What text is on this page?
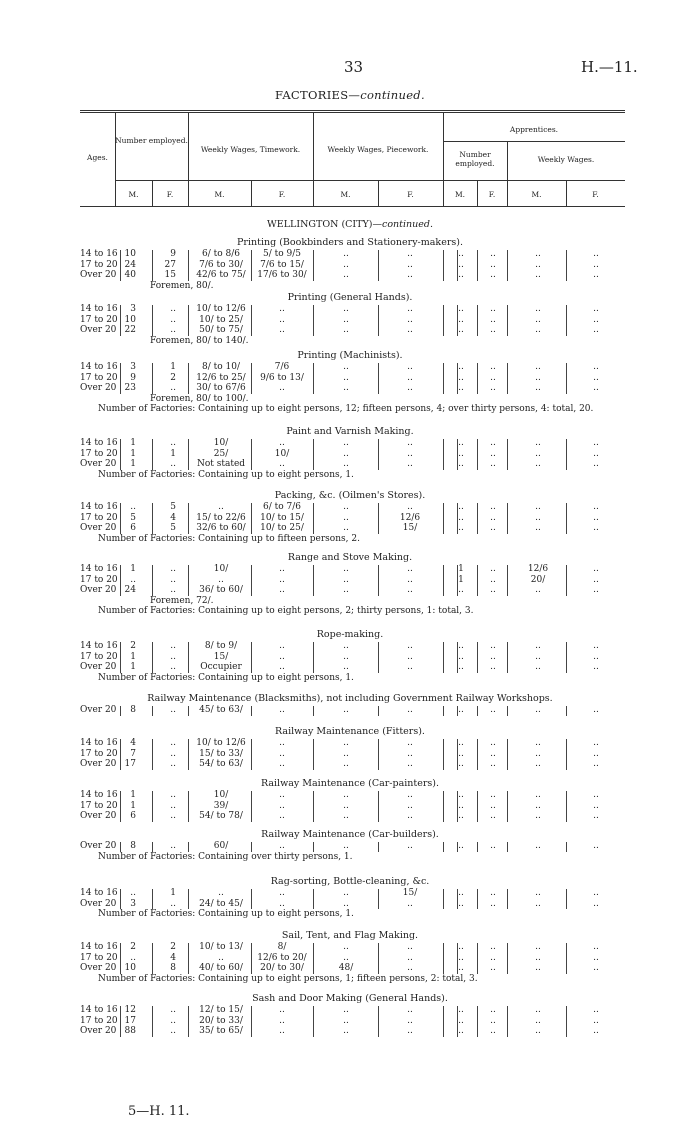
33	H.—11.
FACTORIES—continued.
Ages.
Number employed.
Weekly Wages, Timework.	Weekly Wages, Piecework.
Apprentices.
Number employed.	Weekly Wages.
M.	F.	M.	F.	M.	F.	M.	F.	M.	F.
WELLINGTON (CITY)—continued.
Printing (Bookbinders and Stationery-makers).
14 to 16 10	9	6/ to 8/6	5/ to 9/5	..	..	..	..	..	..
17 to 20 24	27	7/6 to 30/	7/6 to 15/	..	..	..	..	..	..
Over 20 40	15	42/6 to 75/	17/6 to 30/	..	..	..	..	..	..
Foremen, 80/.
Printing (General Hands).
14 to 16	3	..	10/ to 12/6	..	..	..	..	..	..	..
17 to 20 10	..	10/ to 25/	..	..	..	..	..	..	..
Over 20 22	..	50/ to 75/	..	..	..	..	..	..	..
Foremen, 80/ to 140/.
Printing (Machinists).
14 to 16	3	1	8/ to 10/	7/6	..	..	..	..	..	..
17 to 20	9	2	12/6 to 25/	9/6 to 13/	..	..	..	..	..	..
Over 20 23	..	30/ to 67/6	..	..	..	..	..	..	..
Foremen, 80/ to 100/.
Number of Factories: Containing up to eight persons, 12; fifteen persons, 4; over thirty persons, 4: total, 20.
Paint and Varnish Making.
14 to 16	1	..	10/	..	..	..	..	..	..	..
17 to 20	1	1	25/	10/	..	..	..	..	..	..
Over 20	1	..	Not stated	..	..	..	..	..	..	..
Number of Factories: Containing up to eight persons, 1.
Packing, &c. (Oilmen's Stores).
14 to 16	..	5	..	6/ to 7/6	..	..	..	..	..	..
17 to 20	5	4	15/ to 22/6	10/ to 15/	..	12/6	..	..	..	..
Over 20	6	5	32/6 to 60/	10/ to 25/	..	15/	..	..	..	..
Number of Factories: Containing up to fifteen persons, 2.
Range and Stove Making.
14 to 16	1	..	10/	..	..	..	1	..	12/6	..
17 to 20	..	..	..	..	..	..	1	..	20/	..
Over 20 24	..	36/ to 60/	..	..	..	..	..	..	..
Foremen, 72/.
Number of Factories: Containing up to eight persons, 2; thirty persons, 1: total, 3.
Rope-making.
14 to 16	2	..	8/ to 9/	..	..	..	..	..	..	..
17 to 20	1	..	15/	..	..	..	..	..	..	..
Over 20	1	..	Occupier	..	..	..	..	..	..	..
Number of Factories: Containing up to eight persons, 1.
Railway Maintenance (Blacksmiths), not including Government Railway Workshops.
Over 20	8	..	45/ to 63/	..	..	..	..	..	..	..
Railway Maintenance (Fitters).
14 to 16	4	..	10/ to 12/6	..	..	..	..	..	..	..
17 to 20	7	..	15/ to 33/	..	..	..	..	..	..	..
Over 20 17	..	54/ to 63/	..	..	..	..	..	..	..
Railway Maintenance (Car-painters).
14 to 16	1	..	10/	..	..	..	..	..	..	..
17 to 20	1	..	39/	..	..	..	..	..	..	..
Over 20	6	..	54/ to 78/	..	..	..	..	..	..	..
Railway Maintenance (Car-builders).
Over 20	8	..	60/	..	..	..	..	..	..	..
Number of Factories: Containing over thirty persons, 1.
Rag-sorting, Bottle-cleaning, &c.
14 to 16	..	1	..	..	..	15/	..	..	..	..
Over 20	3	..	24/ to 45/	..	..	..	..	..	..	..
Number of Factories: Containing up to eight persons, 1.
Sail, Tent, and Flag Making.
14 to 16	2	2	10/ to 13/	8/	..	..	..	..	..	..
17 to 20	..	4	..	12/6 to 20/	..	..	..	..	..	..
Over 20 10	8	40/ to 60/	20/ to 30/	48/	..	..	..	..	..
Number of Factories: Containing up to eight persons, 1; fifteen persons, 2: total, 3.
Sash and Door Making (General Hands).
14 to 16 12	..	12/ to 15/	..	..	..	..	..	..	..
17 to 20 17	..	20/ to 33/	..	..	..	..	..	..	..
Over 20 88	..	35/ to 65/	..	..	..	..	..	..	..
5—H. 11.
